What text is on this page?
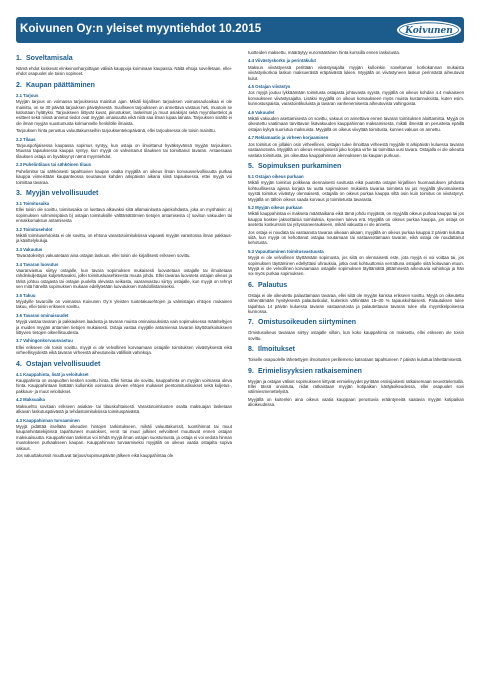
Koivunen Oy:n yleiset myyntiehdot 10.2015	Koivunen
1. Soveltamisala

Nämä ehdot koskevat elinkeinonharjoittajan välisiä kauppoja koiminaan kaupassa. Näitä ehtoja sovelletaan, ellei-ehdot osapuolet ole toisin sopineet.

2. Kaupan päättäminen
2.1 Tarjous

Myyjän tarjous on voimassa tarjouksessa mainitun ajan. Mikäli kirjallisen tarjouksen voimassaoloaikaa ei ole mainittu, on se 30 päivää tarjouksen päiväyksestä. Suulliseen tarjoukseen on annettava vastaus heti, muutoin se katsotaan hylätyksi. Tarjoukseen liittyvät kuvat, piirustukset, laskelmat ja muut asiakirjat sekä myyntiluettelot ja esitteet sekä niissä annetut tiedot ovat myyjän omaisuutta eikä niitä saa ilman lupaa lainata. Tarjouksen sisältö ei ole ilman myyjän suostumusta kolmannelle henkilölle ilmaista.

Tarjouksen hinta perustuu valuuttakursseihin tarjouksentekopäivänä, ellei tarjouksessa ole toisin mainittu.

2.2 Tilaus

Tarjouspohjaisessa kaupassa sopimus syntyy, kun ostaja on ilmoittanut hyväksyvänsä myyjän tarjouksen. Muussa tapauksessa kauppa syntyy, kun myyjä on vahvistanut tilauksen tai toimittanut tavaran. Antaessaan tilauksen ostaja on hyväksynyt nämä myyntiehdot.

2.3 Puhelintilaus tai sähköinen tilaus

Puhelimitse tai sähköisesti tapahtuvien kaupan osalta myyjällä on oikeus ilman korvausvelvollisuutta purkaa kauppa viimeistään kaupanteossa seuraavan kahden arkipäivän aikana siinä tapauksessa, ettei myyjä voi toimittaa tavaraa.

3. Myyjän velvollisuudet
3.1 Toimitusaika

Ellei toisin ole sovittu, toimitusaika on luettava alkavaksi siitä allamainitusta ajankohdasta, joka on myöhäisin: a) sopimuksen solmimispäivä b) ostajan toimituksille välttämättömien tietojen antamisesta c) sovitun vakuuden tai ennakkomaksun antamisesta

3.2 Toimitusehdot

Mikäli toimitusehdoista ei ole sovittu, on ehtona varastotoimituksissa vapaasti myyjän varastossa ilman pakkaus- ja käsittelykuluja.

3.3 Vakuutus

Tavaratoikeitys vakuutetaan aina ostajan laskuun, ellei toisin ole kirjallisesti erikseen sovittu.

3.4 Tavaran luovutus

Vaaranvastuu siirtyy ostajalle, kun tavara sopimuksen mukaisesti luovutetaan ostajalle tai ilmoitetaan rahdinkuljettajan kuljetettavaksi, jollei toimitusluasehkeesta muuta johdu. Ellei tavaraa luovuteta ostajan oikeus ja tämä johtuu ostajasta tai ostajan puolelta olevasta seikasta, vaaranvastuu siirtyy ostajalle, kun myyjä on tehnyt sen mitä häneltä sopimuksen mukaan edellytetään luovutuksen mahdollistamiseksi.

3.5 Takuu

Myydyille tavaroille on voimassa Koivunen Oy:n yleisten tuotetakuuehtojen ja valmistajan ehtojen mukainen takuu, ellei toisin erikseen sovittu.

3.6 Tavaran ominaisuudet

Myyjä vastaa tavaran ja pakkauksen laadusta ja tavaran muista ominaisuuksista vain sopimuksessa määriteltyjen ja muiden myyjän antamien tietojen mukaisesti. Ostaja vastaa myyjälle antamiensa tavaran käyttötarkoitukseen liittyvien tietojen oikeellisuudesta.

3.7 Vahingonkorvausvastuu

Ellei erikseen ole toisin sovittu, myyjä ei ole velvollinen korvaamaan ostajalle toimituksen viivästyksestä eikä virheellisyydestä eikä tavaran virheestä aiheutuneita välillisiä vahinkoja.

4. Ostajan velvollisuudet
4.1 Kauppahinta, lisät ja veloitukset

Kauppahinta on osapuolten kesken sovittu hinta. Ellei hintaa ole sovittu, kauppahinta on myyjän voimassa oleva hinta. Kauppahintaan lisätään kulloinkin voimassa olevien ehtojen mukaiset pientoimituslisukset sekä kuljetus-, pakkaus- ja muut veloitukset.

4.2 Maksuaika

Maksuehto sovitaan erikseen asiakas- tai tilauskohtaisesti. Varastotoimitusten osalta maksuajan lasketaan alkavan laskutuspäivästä ja tehdastoimituksissa toimituspäivästä.

4.3 Kauppahinnan turvaaminen

Myyjä pidättää itsellään oikeuden hintojen tarkistukseen, mikäli valuuttakurssit, tuontihinnat tai muut kaupanhintatekijöissä tapahtuneet muutokset, verot tai muut julkiset velvoitteet muuttuvat ennen ostajan maksuaisuutta. Kauppahinnan tarkistus voi tehdä myyjä ilman ostajan suostumusta, ja ostaja ei voi vedota hinnan muutokseen purkaakseen kaupan. Kauppahinnan turvaamiseksi myyjällä on oikeus vaatia ostajalta sopiva vakuus.

Jos valuuttakurssit muuttuvat tarjous/sopimuspäivän jälkeen eikä kauppahintaa ole

tuotteiden maksettu, määräytyy euromääräinen hinta kurssilla ennen laskutusta.

4.4 Viivästyskorko ja perintäkulut

Maksun viivästyessä perittään viivästysajalta myyjän kulloinkin soveltaman korkokannan mukaista viivästyskorkoa laskun maksuerästä eräpäivästä lukien. Myyjällä on viivästyneen laskun perinnästä aiheutuvat kulut.

4.5 Ostajan viivästys

Jos myyjä joutuu lykkäämään toimitusta ostajasta johtuvasta syystä, myyjällä on oikeus kohdan 4.4 mukaiseen korvaukseen viivästysajalta. Lisäksi myyjällä on oikeus korvaukseen myös muista kustannuksista, kuten esim. kunnostuspaista, varastointikuluista ja tavaran vanhenemisesta aiheutuvista vahingoista.

4.6 Vakuudet

Mikäli vakuuden asettamisesta on sovittu, vakuus on annettava ennen tavaran toimituksen aloittamista. Myyjä on oikeutettu vaatimaan tarvittavan lisävakuuden kauppahinnan maksamisesta, mikäli ilmeistä on perusteita epäillä ostajan kykyä suoriutua maksuista. Myyjällä on oikeus viivyttää toimitusta, kunnes vakuus on annettu.

4.7 Reklamaatio ja virheen korjaaminen

Jos toimitus on jollakin osin virheellinen, ostajan tulee ilmoittaa virheestä myyjälle 8 arkipäivän kuluessa tavaran vastaanotosta. Myyjällä on oikeus ensisijaisesti joko korjata virhe tai toimittaa uusi tavara. Ostajalla ei ole oikeutta vastata toimitusta, jos oikeuttaa kauppahinnan alennukseen tai kaupan purkuun.

5. Sopimuksen purkaminen
5.1 Ostajan oikeus purkaan

Mikäli myyjän toimitus poikkeaa olennaisesti sovitusta eikä puutetta ostajan kirjallisen huomautuksen johdosta kohtuullisessa ajassa korjata tai uutta sopimuksen mukaista tavaraa toimiteta tai jos myyjällä ylivoimaisesta syystä toimitus viivästyy olennaisesti, ostajalla on oikeus purkaa kauppa siltä osin kuin toimitus on viivästynyt. Myyjällä on tällöin oikeus saada korvaus jo toimitetusta tavarasta.

5.2 Myyjän oikeus purkaan

Mikäli kauppahintaa ei makseta määräaikana eikä tämä johdu myyjästä, on myyjällä oikeus purkaa kauppa tai jos kauppa koskee jaksoittaisia toimituksia, kyseinen tuleva erä. Myyjällä on oikeus purkaa kauppa, jos ostaja on asetettu konkurssiin tai yrityssaneeraukseen, mikäli vakuutta ei ole annettu.

Jos ostaja ei noudata tai vastaanota tavaraa oikeaan aikaan, myyjällä on oikeus purkaa kauppa 2 päivän kuluttua siitä, kun myyjä on kehottanut ostajaa noutamaan tai vastaanottamaan tavaran, eikä ostaja ole noudattanut kehotusta.

5.3 Vapauttaminen toimitusvastuusta

Myyjä ei ole velvollinen täyttämään sopimusta, jos siitä on olennaisesti este, jota myyjä ei voi voittaa tai, jos sopimuksen täyttäminen edellyttäisi uhrauksia, jotka ovat kohtuuttomia verrattuna ostajalle siitä koituvaan etuun. Myyjä ei ole velvollinen korvaamaan ostajalle sopimuksen täyttämättä jättämisestä aiheutuvia vahinkoja ja hän voi myös purkaa sopimuksen.

6. Palautus

Ostaja ei ole oikeutettu palauttamaan tavaraa, ellei siitä ole myyjän kanssa erikseen sovittu. Myyjä on oikeutettu vähentämään hyvityksestä palautuskulut, kuitenkin vähintään 15–30 % tapauskohtaisesti. Palautuksen tulee tapahtua 14 päivän kuluessa tavaran vastaanotosta ja palautettavan tavaran tulee olla myyntikelpoisessa kunnossa.

7. Omistusoikeuden siirtyminen

Omistusoikeus tavaraan siirtyy ostajalle silloin, kun koko kauppahinta on maksettu, ellei erikseen ole toisin sovittu.

8. Ilmoitukset

Toiselle osapuolelle lähetettyjen ilmoitusten perillemeno katsotaan tapahtuneen 7 päivän kuluttua lähettämisestä.

9. Erimielisyyksien ratkaiseminen

Myyjän ja ostajan väliset sopimukseen liittyvät erimielisyydet pyritään ensisijaisesti ratkaisemaan neuvottelemalla. Ellei tässä onnistuta, riidat ratkaistaan myyjän kotipaikan käräjäoikeudessa, ellei osapuolet sovi välimiesmenettelystä.

Myyjällä on kuitenkin aina oikeus vaatia kauppaan perustuvia erääntyneitä saatavia myyjän kotipaikan alioikeudessa.
